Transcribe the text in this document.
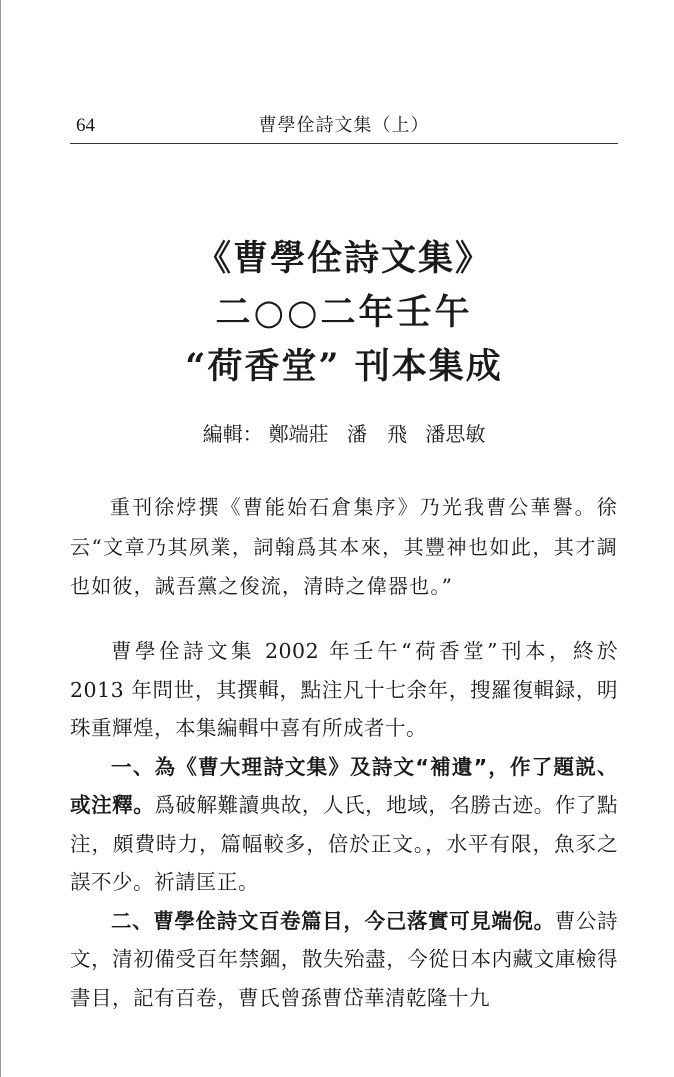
64	曹學佺詩文集（上）
《曹學佺詩文集》
二○○二年壬午
“荷香堂” 刊本集成
編輯： 鄭端莊 潘　飛 潘思敏
重刊徐㶿撰《曹能始石倉集序》乃光我曹公華譽。徐云“文章乃其夙業，詞翰爲其本來，其豐神也如此，其才調也如彼，誠吾黨之俊流，清時之偉器也。”

曹學佺詩文集 2002 年壬午“荷香堂”刊本，終於 2013 年問世，其撰輯，點注凡十七余年，搜羅復輯録，明珠重輝煌，本集編輯中喜有所成者十。

一、為《曹大理詩文集》及詩文“補遺”，作了題説、或注釋。爲破解難讀典故，人氏，地域，名勝古迹。作了點注，頗費時力，篇幅較多，倍於正文。，水平有限，魚豕之誤不少。祈請匡正。

二、曹學佺詩文百卷篇目，今己落實可見端倪。曹公詩文，清初備受百年禁錮，散失殆盡，今從日本内藏文庫檢得書目，記有百卷，曹氏曾孫曹岱華清乾隆十九
